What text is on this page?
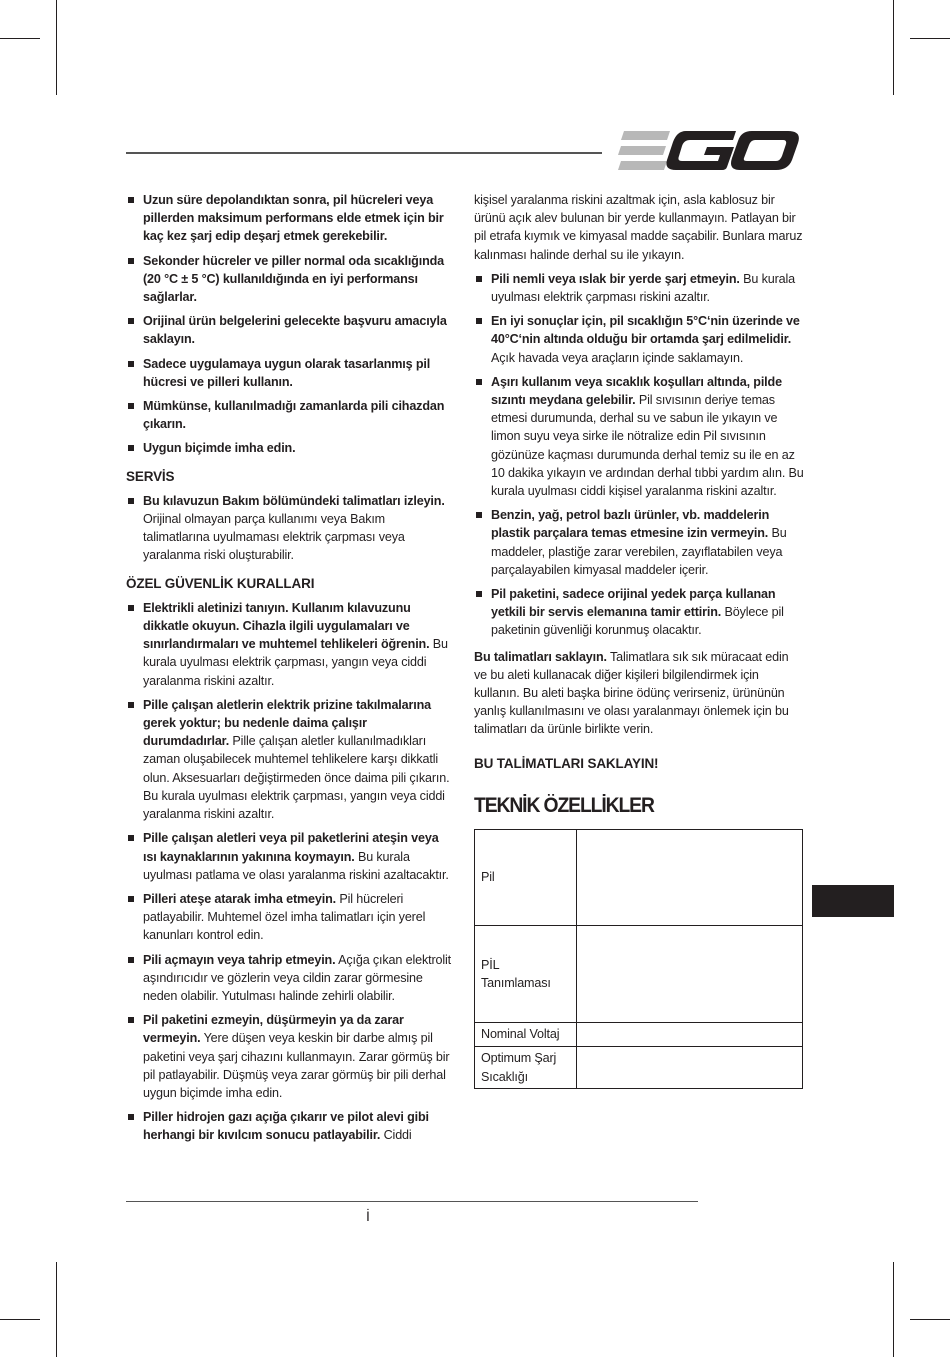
Uzun süre depolandıktan sonra, pil hücreleri veya pillerden maksimum performans elde etmek için bir kaç kez şarj edip deşarj etmek gerekebilir.
Sekonder hücreler ve piller normal oda sıcaklığında (20 °C ± 5 °C) kullanıldığında en iyi performansı sağlarlar.
Orijinal ürün belgelerini gelecekte başvuru amacıyla saklayın.
Sadece uygulamaya uygun olarak tasarlanmış pil hücresi ve pilleri kullanın.
Mümkünse, kullanılmadığı zamanlarda pili cihazdan çıkarın.
Uygun biçimde imha edin.
SERVİS
Bu kılavuzun Bakım bölümündeki talimatları izleyin. Orijinal olmayan parça kullanımı veya Bakım talimatlarına uyulmaması elektrik çarpması veya yaralanma riski oluşturabilir.
ÖZEL GÜVENLİK KURALLARI
Elektrikli aletinizi tanıyın. Kullanım kılavuzunu dikkatle okuyun. Cihazla ilgili uygulamaları ve sınırlandırmaları ve muhtemel tehlikeleri öğrenin. Bu kurala uyulması elektrik çarpması, yangın veya ciddi yaralanma riskini azaltır.
Pille çalışan aletlerin elektrik prizine takılmalarına gerek yoktur; bu nedenle daima çalışır durumdadırlar. Pille çalışan aletler kullanılmadıkları zaman oluşabilecek muhtemel tehlikelere karşı dikkatli olun. Aksesuarları değiştirmeden önce daima pili çıkarın. Bu kurala uyulması elektrik çarpması, yangın veya ciddi yaralanma riskini azaltır.
Pille çalışan aletleri veya pil paketlerini ateşin veya ısı kaynaklarının yakınına koymayın. Bu kurala uyulması patlama ve olası yaralanma riskini azaltacaktır.
Pilleri ateşe atarak imha etmeyin. Pil hücreleri patlayabilir. Muhtemel özel imha talimatları için yerel kanunları kontrol edin.
Pili açmayın veya tahrip etmeyin. Açığa çıkan elektrolit aşındırıcıdır ve gözlerin veya cildin zarar görmesine neden olabilir. Yutulması halinde zehirli olabilir.
Pil paketini ezmeyin, düşürmeyin ya da zarar vermeyin. Yere düşen veya keskin bir darbe almış pil paketini veya şarj cihazını kullanmayın. Zarar görmüş bir pil patlayabilir. Düşmüş veya zarar görmüş bir pili derhal uygun biçimde imha edin.
Piller hidrojen gazı açığa çıkarır ve pilot alevi gibi herhangi bir kıvılcım sonucu patlayabilir. Ciddi
kişisel yaralanma riskini azaltmak için, asla kablosuz bir ürünü açık alev bulunan bir yerde kullanmayın. Patlayan bir pil etrafa kıymık ve kimyasal madde saçabilir. Bunlara maruz kalınması halinde derhal su ile yıkayın.
Pili nemli veya ıslak bir yerde şarj etmeyin. Bu kurala uyulması elektrik çarpması riskini azaltır.
En iyi sonuçlar için, pil sıcaklığın 5°C‘nin üzerinde ve 40°C‘nin altında olduğu bir ortamda şarj edilmelidir. Açık havada veya araçların içinde saklamayın.
Aşırı kullanım veya sıcaklık koşulları altında, pilde sızıntı meydana gelebilir. Pil sıvısının deriye temas etmesi durumunda, derhal su ve sabun ile yıkayın ve limon suyu veya sirke ile nötralize edin Pil sıvısının gözünüze kaçması durumunda derhal temiz su ile en az 10 dakika yıkayın ve ardından derhal tıbbi yardım alın. Bu kurala uyulması ciddi kişisel yaralanma riskini azaltır.
Benzin, yağ, petrol bazlı ürünler, vb. maddelerin plastik parçalara temas etmesine izin vermeyin. Bu maddeler, plastiğe zarar verebilen, zayıflatabilen veya parçalayabilen kimyasal maddeler içerir.
Pil paketini, sadece orijinal yedek parça kullanan yetkili bir servis elemanına tamir ettirin. Böylece pil paketinin güvenliği korunmuş olacaktır.
Bu talimatları saklayın. Talimatlara sık sık müracaat edin ve bu aleti kullanacak diğer kişileri bilgilendirmek için kullanın. Bu aleti başka birine ödünç verirseniz, ürününün yanlış kullanılmasını ve olası yaralanmayı önlemek için bu talimatları da ürünle birlikte verin.
BU TALİMATLARI SAKLAYIN!
TEKNİK ÖZELLİKLER
Pil	
PİL Tanımlaması	
Nominal Voltaj	
Optimum Şarj Sıcaklığı	
İ
